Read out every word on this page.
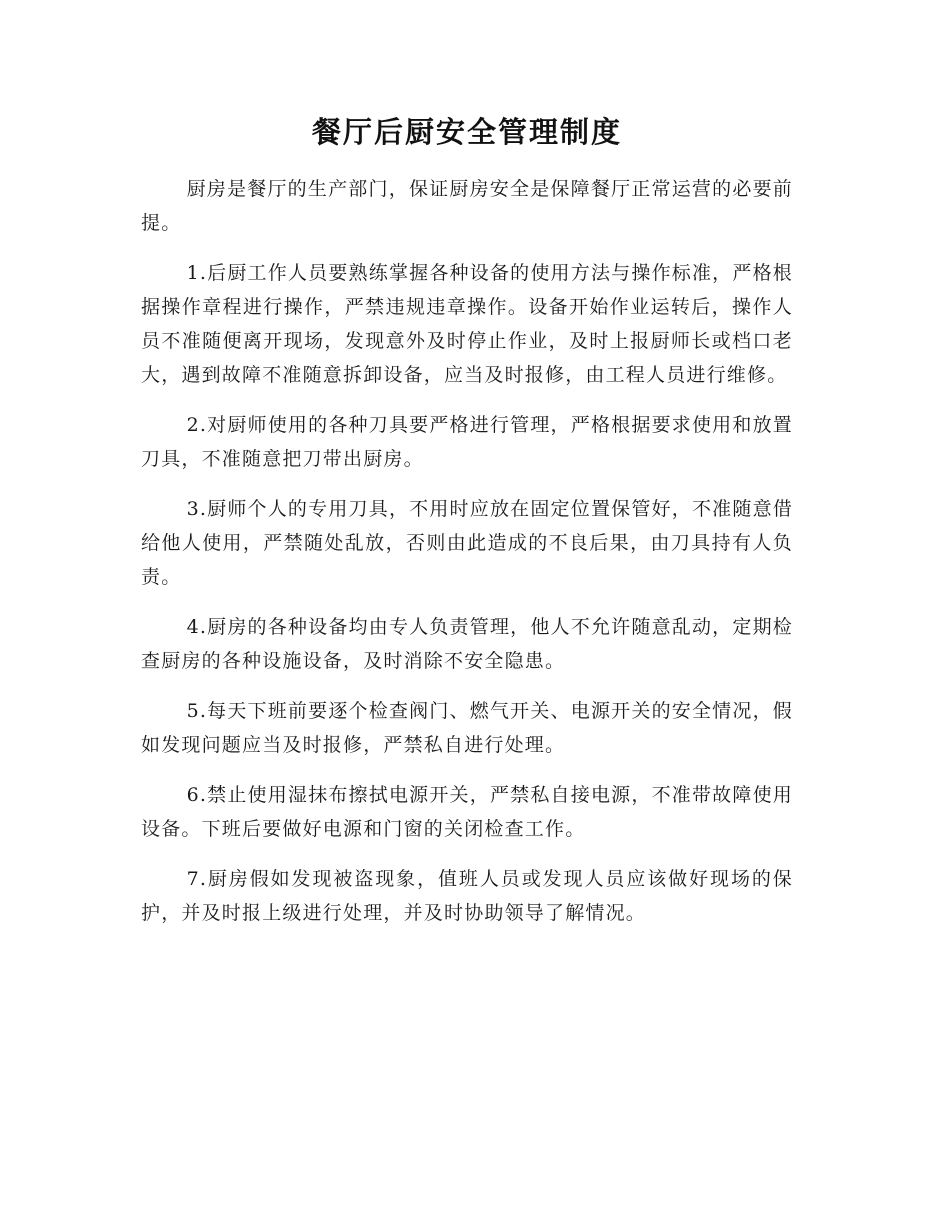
餐厅后厨安全管理制度

厨房是餐厅的生产部门，保证厨房安全是保障餐厅正常运营的必要前提。

1.后厨工作人员要熟练掌握各种设备的使用方法与操作标准，严格根据操作章程进行操作，严禁违规违章操作。设备开始作业运转后，操作人员不准随便离开现场，发现意外及时停止作业，及时上报厨师长或档口老大，遇到故障不准随意拆卸设备，应当及时报修，由工程人员进行维修。

2.对厨师使用的各种刀具要严格进行管理，严格根据要求使用和放置刀具，不准随意把刀带出厨房。

3.厨师个人的专用刀具，不用时应放在固定位置保管好，不准随意借给他人使用，严禁随处乱放，否则由此造成的不良后果，由刀具持有人负责。

4.厨房的各种设备均由专人负责管理，他人不允许随意乱动，定期检查厨房的各种设施设备，及时消除不安全隐患。

5.每天下班前要逐个检查阀门、燃气开关、电源开关的安全情况，假如发现问题应当及时报修，严禁私自进行处理。

6.禁止使用湿抹布擦拭电源开关，严禁私自接电源，不准带故障使用设备。下班后要做好电源和门窗的关闭检查工作。

7.厨房假如发现被盗现象，值班人员或发现人员应该做好现场的保护，并及时报上级进行处理，并及时协助领导了解情况。
